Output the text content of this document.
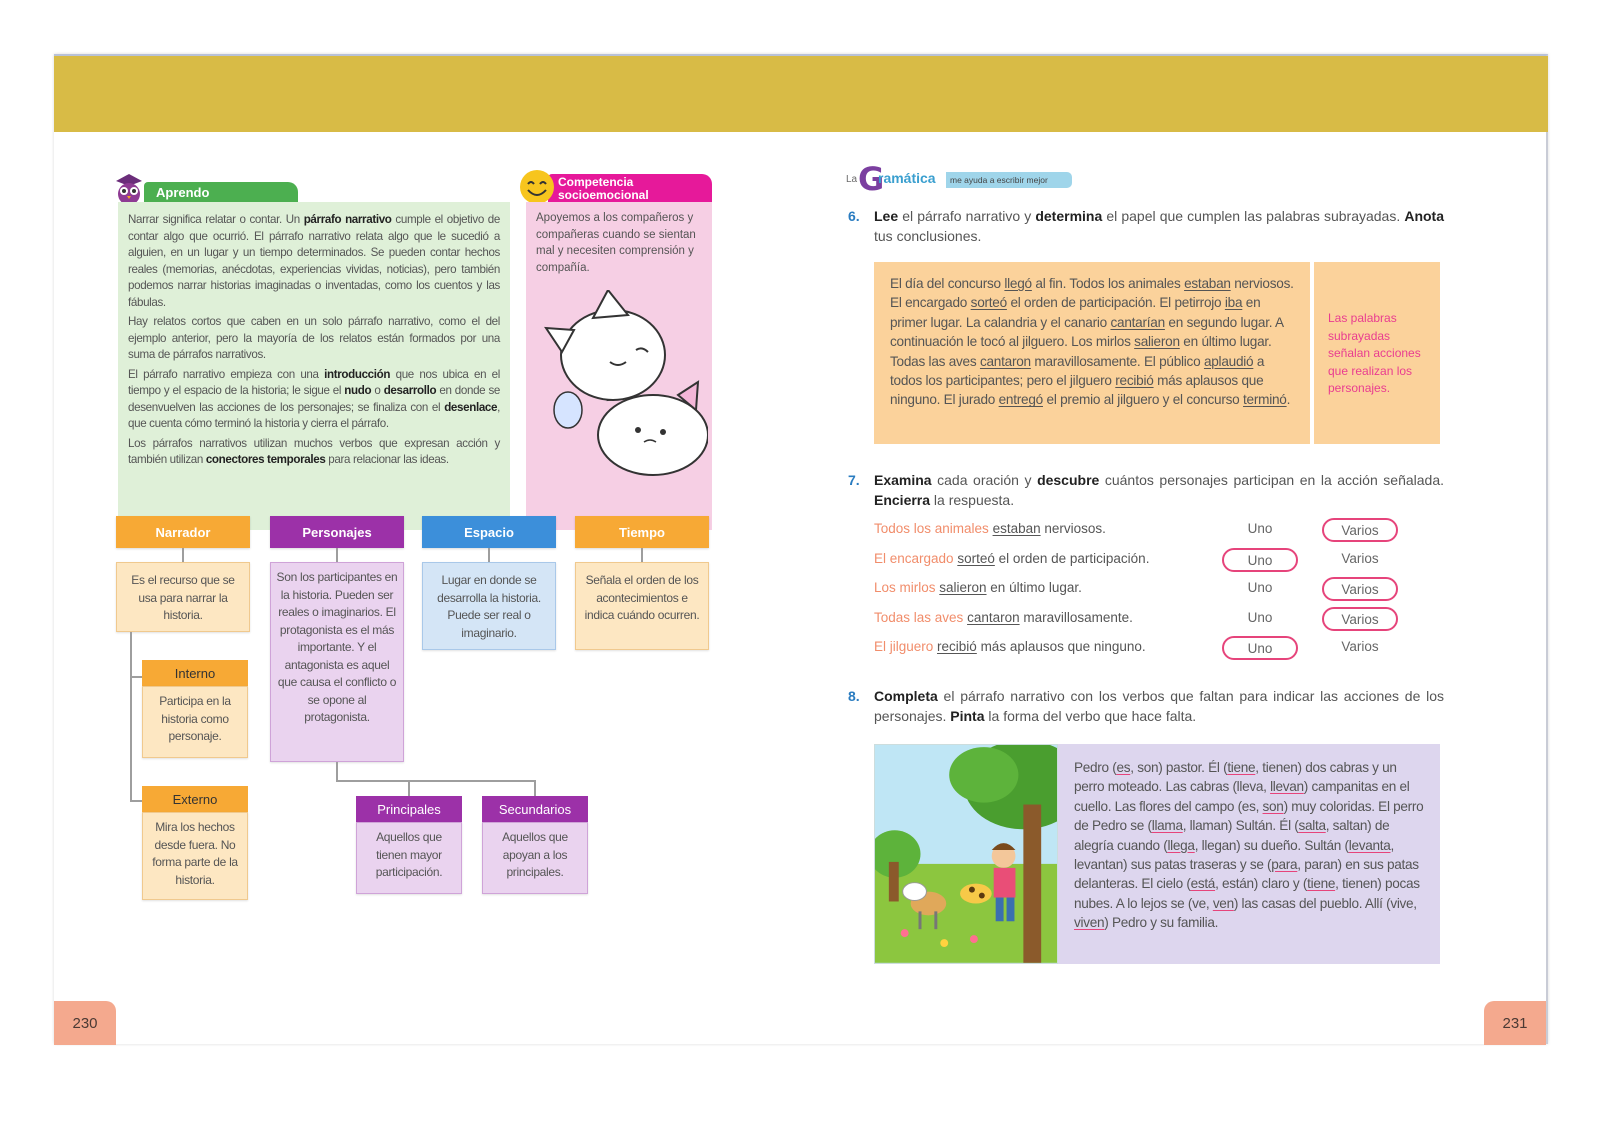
230	231
Aprendo

Narrar significa relatar o contar. Un párrafo narrativo cumple el objetivo de contar algo que ocurrió. El párrafo narrativo relata algo que le sucedió a alguien, en un lugar y un tiempo determinados. Se pueden contar hechos reales (memorias, anécdotas, experiencias vividas, noticias), pero también podemos narrar historias imaginadas o inventadas, como los cuentos y las fábulas.

Hay relatos cortos que caben en un solo párrafo narrativo, como el del ejemplo anterior, pero la mayoría de los relatos están formados por una suma de párrafos narrativos.

El párrafo narrativo empieza con una introducción que nos ubica en el tiempo y el espacio de la historia; le sigue el nudo o desarrollo en donde se desenvuelven las acciones de los personajes; se finaliza con el desenlace, que cuenta cómo terminó la historia y cierra el párrafo.

Los párrafos narrativos utilizan muchos verbos que expresan acción y también utilizan conectores temporales para relacionar las ideas.

Competencia
socioemocional

Apoyemos a los compañeros y compañeras cuando se sientan mal y necesiten comprensión y compañía.

Narrador	Personajes	Espacio	Tiempo
Es el recurso que se usa para narrar la historia.
Son los participantes en la historia. Pueden ser reales o imaginarios. El protagonista es el más importante. Y el antagonista es aquel que causa el conflicto o se opone al protagonista.
Lugar en donde se desarrolla la historia. Puede ser real o imaginario.
Señala el orden de los acontecimientos e indica cuándo ocurren.
Interno
Participa en la historia como personaje.
Externo
Mira los hechos desde fuera. No forma parte de la historia.
Principales
Aquellos que tienen mayor participación.
Secundarios
Aquellos que apoyan a los principales.
La G
ramática	me ayuda a escribir mejor
6. Lee el párrafo narrativo y determina el papel que cumplen las palabras subrayadas. Anota tus conclusiones.
El día del concurso llegó al fin. Todos los animales estaban nerviosos. El encargado sorteó el orden de participación. El petirrojo iba en primer lugar. La calandria y el canario cantarían en segundo lugar. A continuación le tocó al jilguero. Los mirlos salieron en último lugar. Todas las aves cantaron maravillosamente. El público aplaudió a todos los participantes; pero el jilguero recibió más aplausos que ninguno. El jurado entregó el premio al jilguero y el concurso terminó.
Las palabras subrayadas señalan acciones que realizan los personajes.
7. Examina cada oración y descubre cuántos personajes participan en la acción señalada. Encierra la respuesta.
Todos los animales estaban nerviosos.	Uno	Varios
El encargado sorteó el orden de participación.	Uno	Varios
Los mirlos salieron en último lugar.	Uno	Varios
Todas las aves cantaron maravillosamente.	Uno	Varios
El jilguero recibió más aplausos que ninguno.	Uno	Varios
8. Completa el párrafo narrativo con los verbos que faltan para indicar las acciones de los personajes. Pinta la forma del verbo que hace falta.
Pedro (es, son) pastor. Él (tiene, tienen) dos cabras y un perro moteado. Las cabras (lleva, llevan) campanitas en el cuello. Las flores del campo (es, son) muy coloridas. El perro de Pedro se (llama, llaman) Sultán. Él (salta, saltan) de alegría cuando (llega, llegan) su dueño. Sultán (levanta, levantan) sus patas traseras y se (para, paran) en sus patas delanteras. El cielo (está, están) claro y (tiene, tienen) pocas nubes. A lo lejos se (ve, ven) las casas del pueblo. Allí (vive, viven) Pedro y su familia.
